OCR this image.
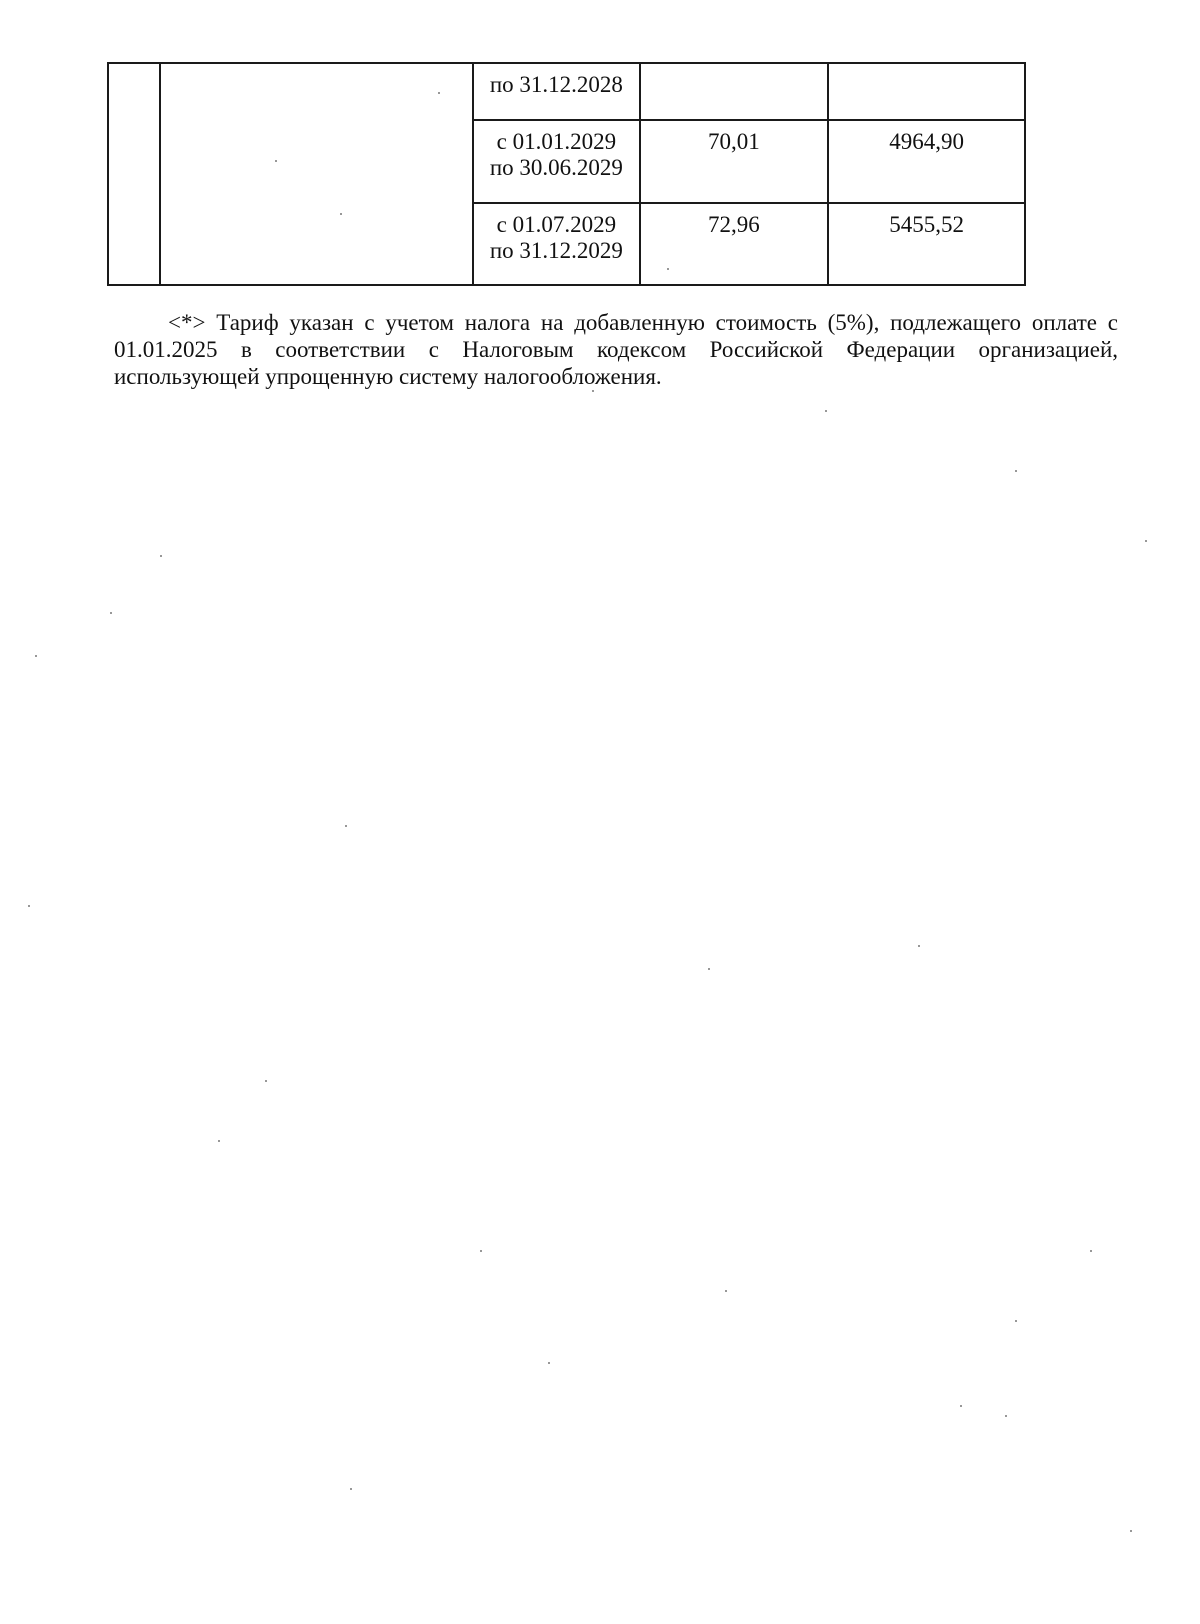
		по 31.12.2028		

		с 01.01.2029
по 30.06.2029	70,01	4964,90

		с 01.07.2029
по 31.12.2029	72,96	5455,52

<*> Тариф указан с учетом налога на добавленную стоимость (5%), подлежащего оплате с 01.01.2025 в соответствии с Налоговым кодексом Российской Федерации организацией, использующей упрощенную систему налогообложения.
